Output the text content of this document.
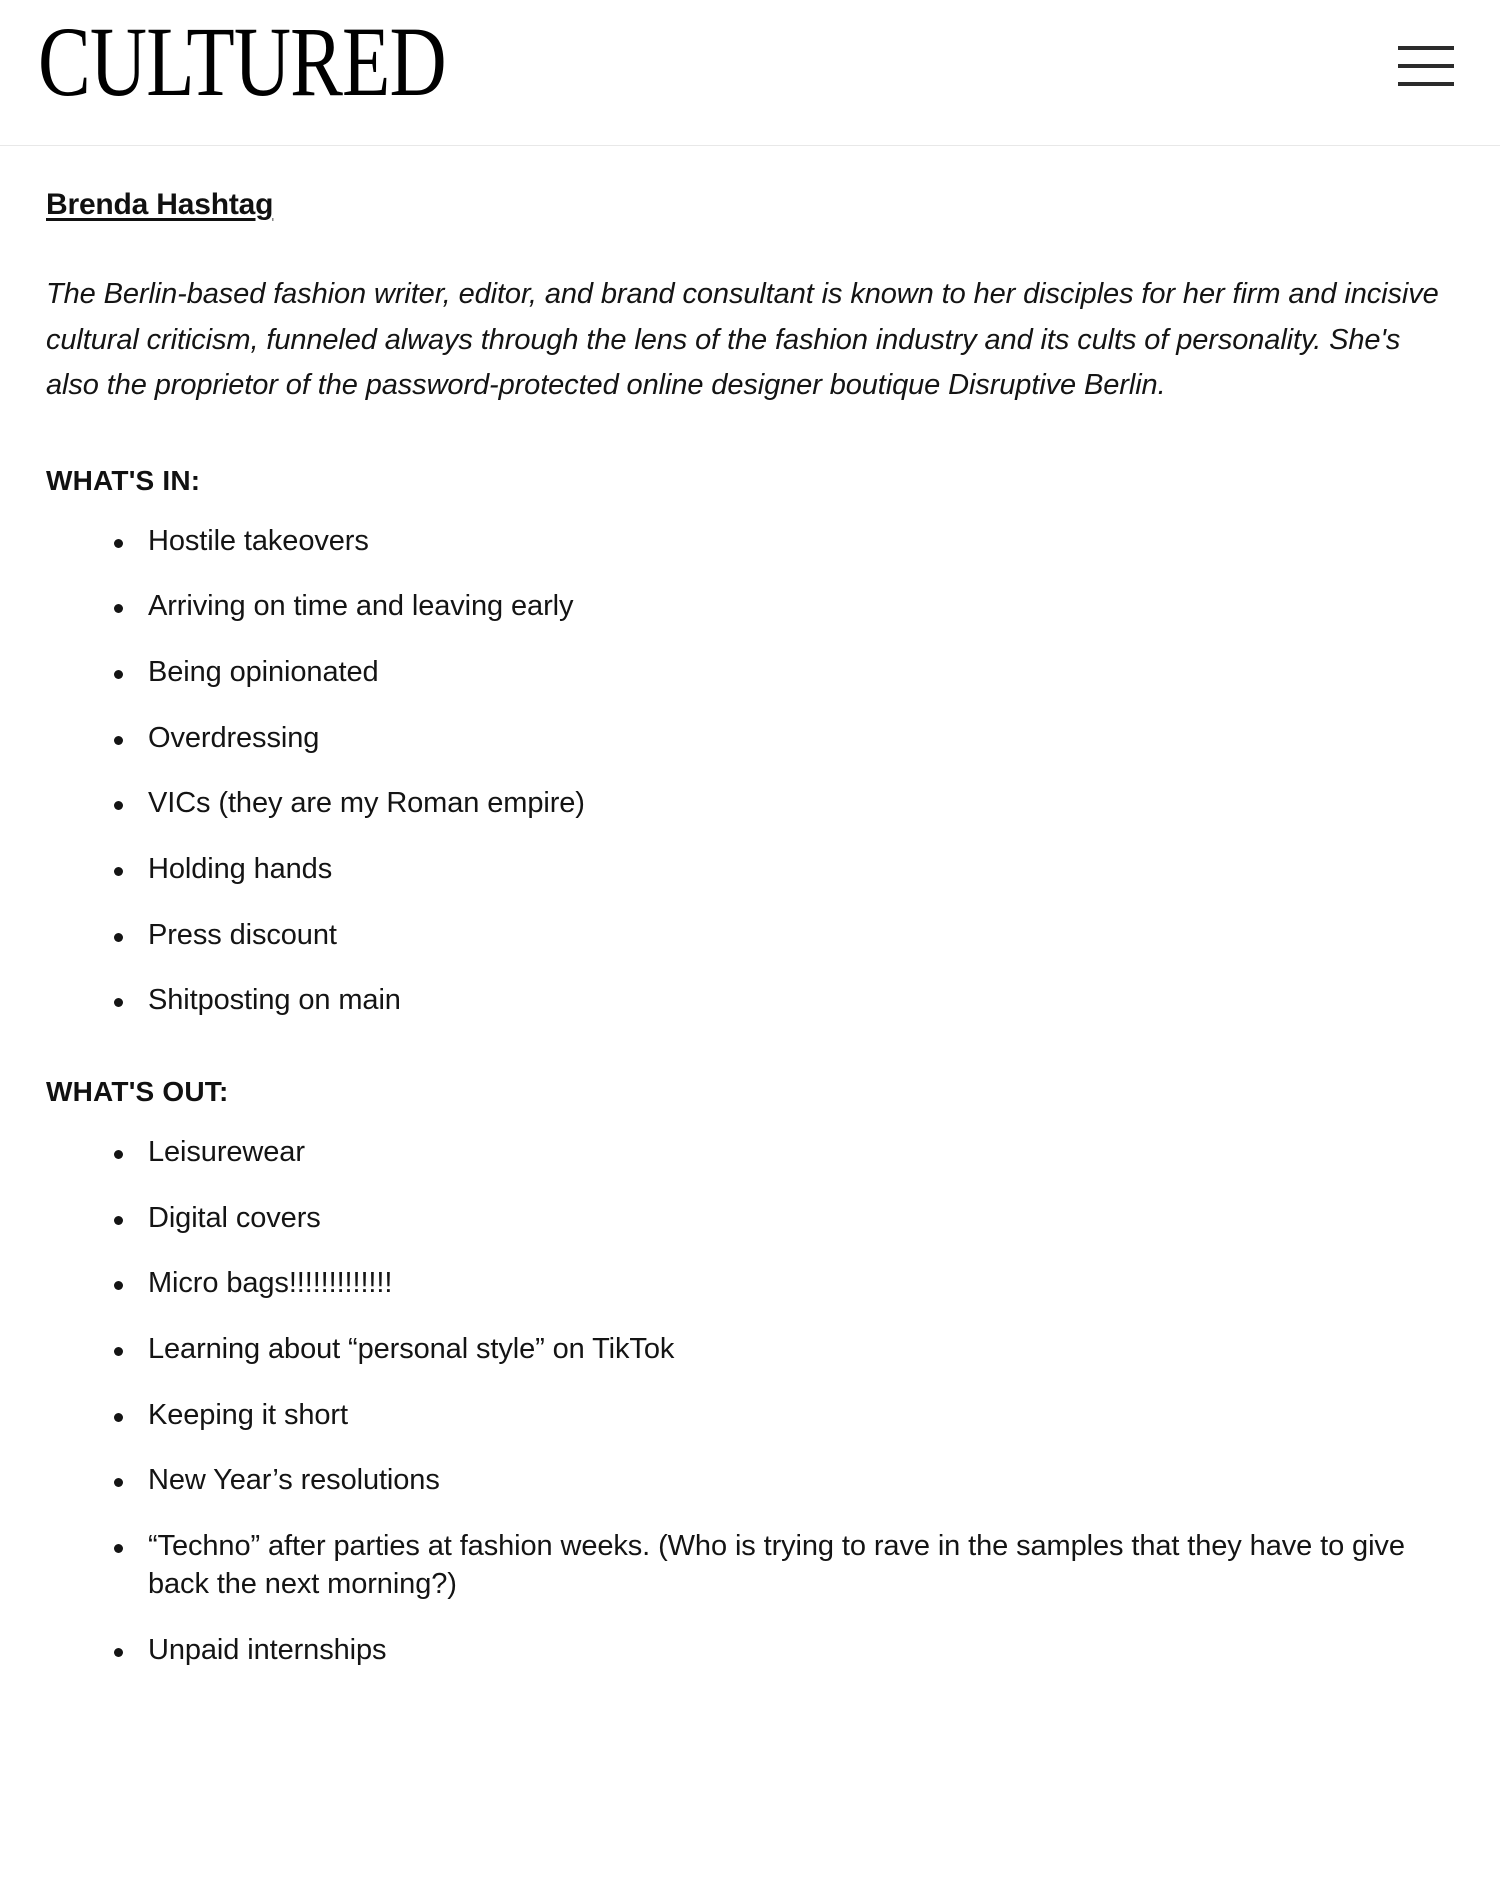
CULTURED
Brenda Hashtag

The Berlin-based fashion writer, editor, and brand consultant is known to her disciples for her firm and incisive cultural criticism, funneled always through the lens of the fashion industry and its cults of personality. She's also the proprietor of the password-protected online designer boutique Disruptive Berlin.

WHAT'S IN:
Hostile takeovers
Arriving on time and leaving early
Being opinionated
Overdressing
VICs (they are my Roman empire)
Holding hands
Press discount
Shitposting on main
WHAT'S OUT:
Leisurewear
Digital covers
Micro bags!!!!!!!!!!!!!
Learning about “personal style” on TikTok
Keeping it short
New Year’s resolutions
“Techno” after parties at fashion weeks. (Who is trying to rave in the samples that they have to give back the next morning?)
Unpaid internships
